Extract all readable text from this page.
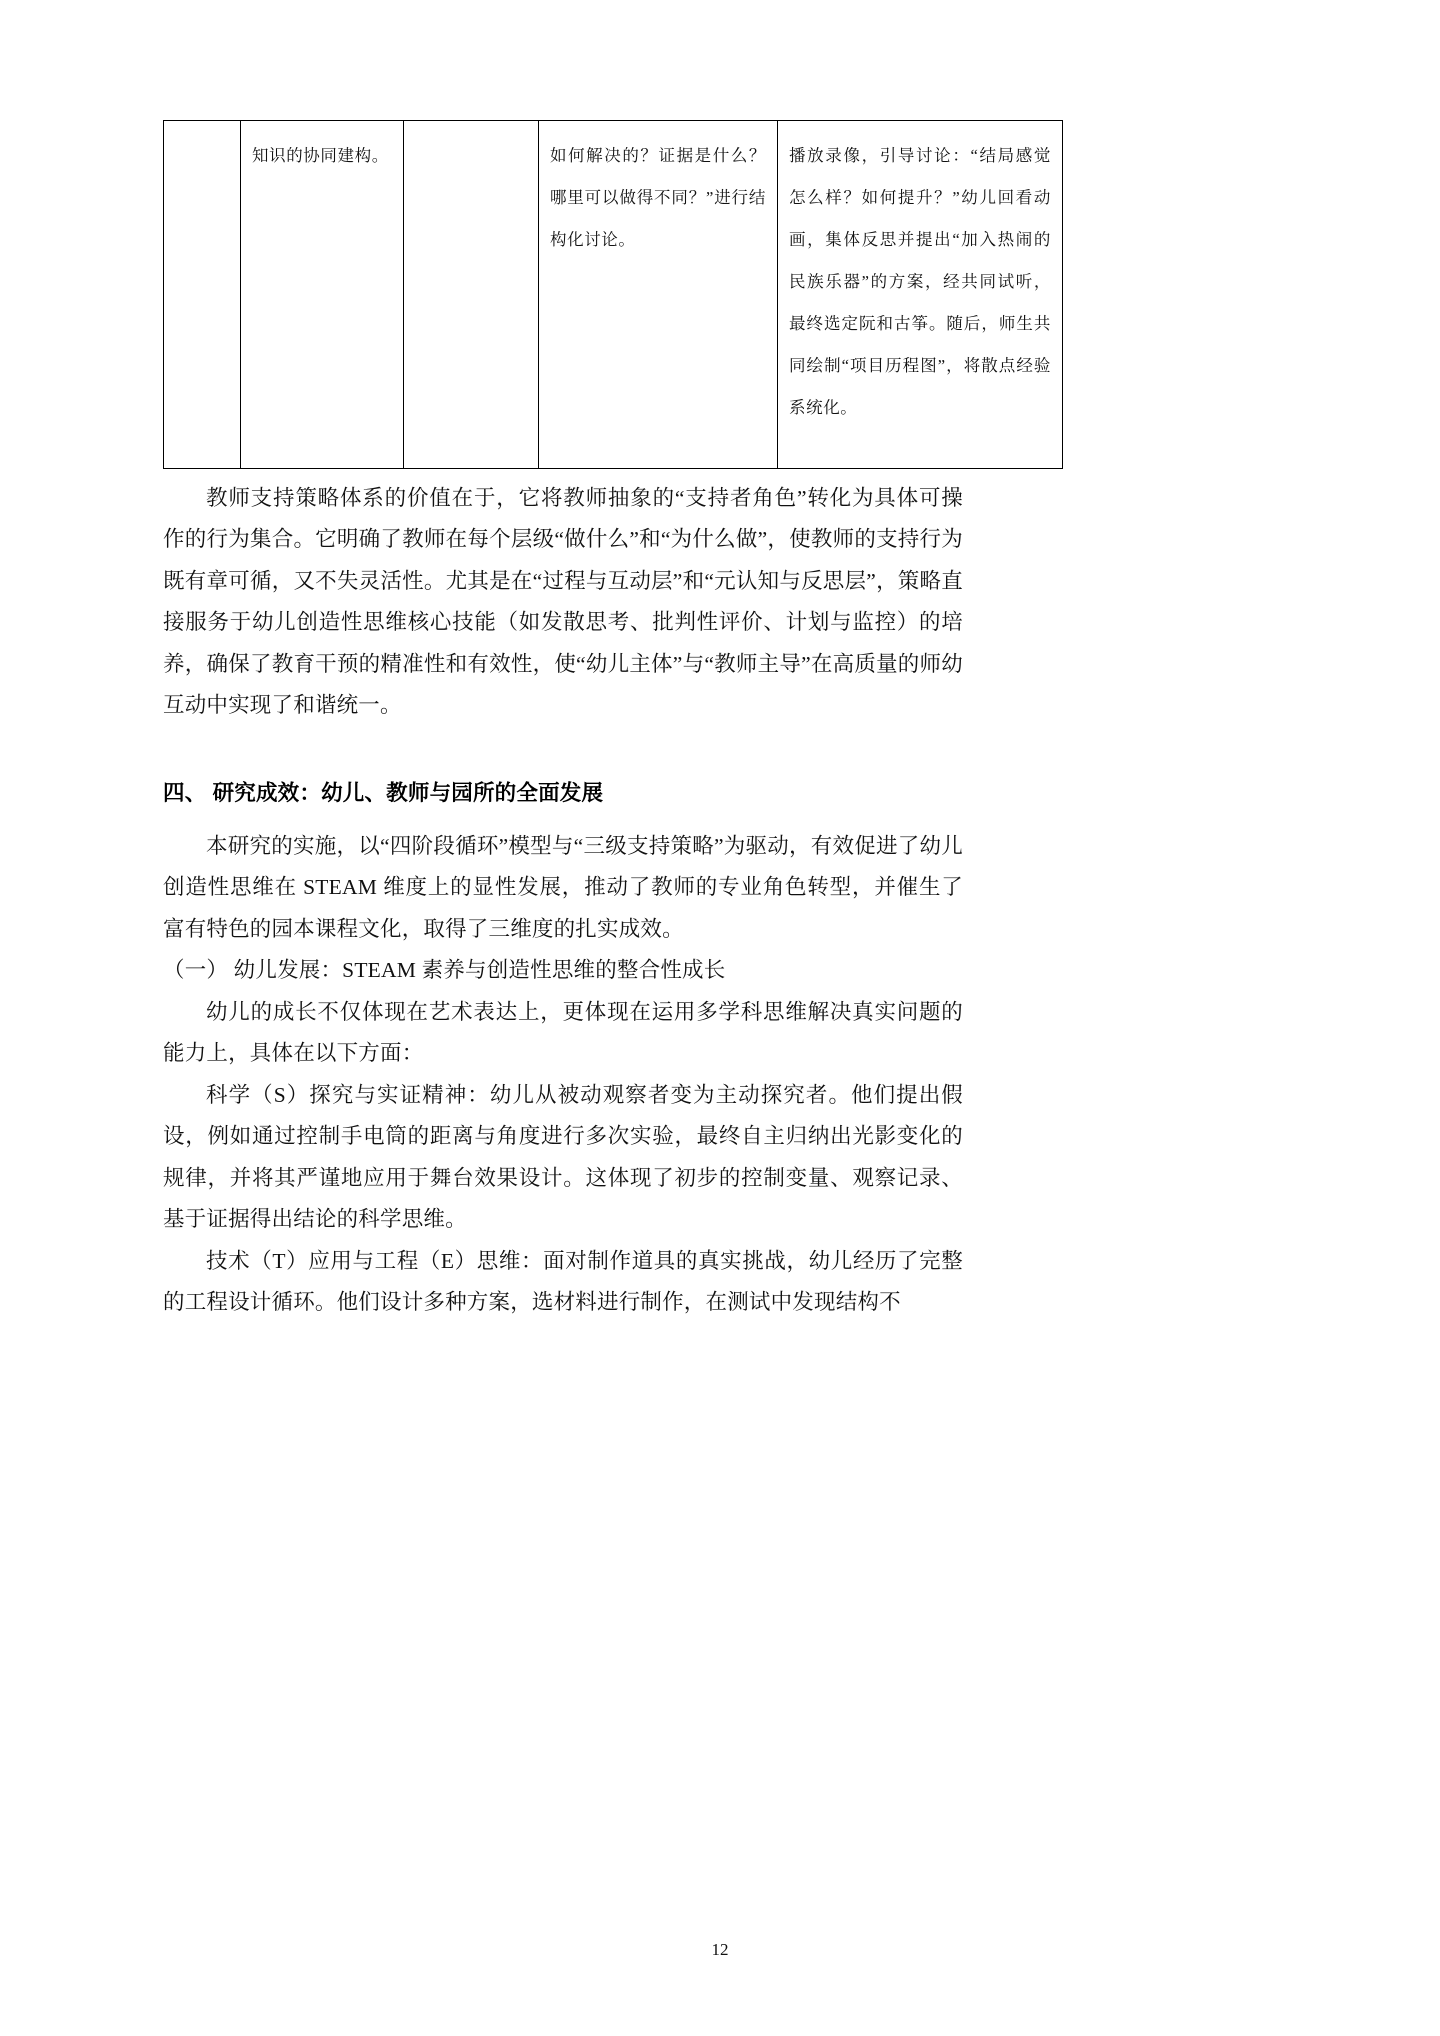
	知识的协同建构。		如何解决的？证据是什么？哪里可以做得不同？”进行结构化讨论。	播放录像，引导讨论：“结局感觉怎么样？如何提升？”幼儿回看动画，集体反思并提出“加入热闹的民族乐器”的方案，经共同试听，最终选定阮和古筝。随后，师生共同绘制“项目历程图”，将散点经验系统化。

教师支持策略体系的价值在于，它将教师抽象的“支持者角色”转化为具体可操作的行为集合。它明确了教师在每个层级“做什么”和“为什么做”，使教师的支持行为既有章可循，又不失灵活性。尤其是在“过程与互动层”和“元认知与反思层”，策略直接服务于幼儿创造性思维核心技能（如发散思考、批判性评价、计划与监控）的培养，确保了教育干预的精准性和有效性，使“幼儿主体”与“教师主导”在高质量的师幼互动中实现了和谐统一。

四、 研究成效：幼儿、教师与园所的全面发展

本研究的实施，以“四阶段循环”模型与“三级支持策略”为驱动，有效促进了幼儿创造性思维在 STEAM 维度上的显性发展，推动了教师的专业角色转型，并催生了富有特色的园本课程文化，取得了三维度的扎实成效。

（一） 幼儿发展：STEAM 素养与创造性思维的整合性成长

幼儿的成长不仅体现在艺术表达上，更体现在运用多学科思维解决真实问题的能力上，具体在以下方面：

科学（S）探究与实证精神：幼儿从被动观察者变为主动探究者。他们提出假设，例如通过控制手电筒的距离与角度进行多次实验，最终自主归纳出光影变化的规律，并将其严谨地应用于舞台效果设计。这体现了初步的控制变量、观察记录、基于证据得出结论的科学思维。

技术（T）应用与工程（E）思维：面对制作道具的真实挑战，幼儿经历了完整的工程设计循环。他们设计多种方案，选材料进行制作，在测试中发现结构不

12
